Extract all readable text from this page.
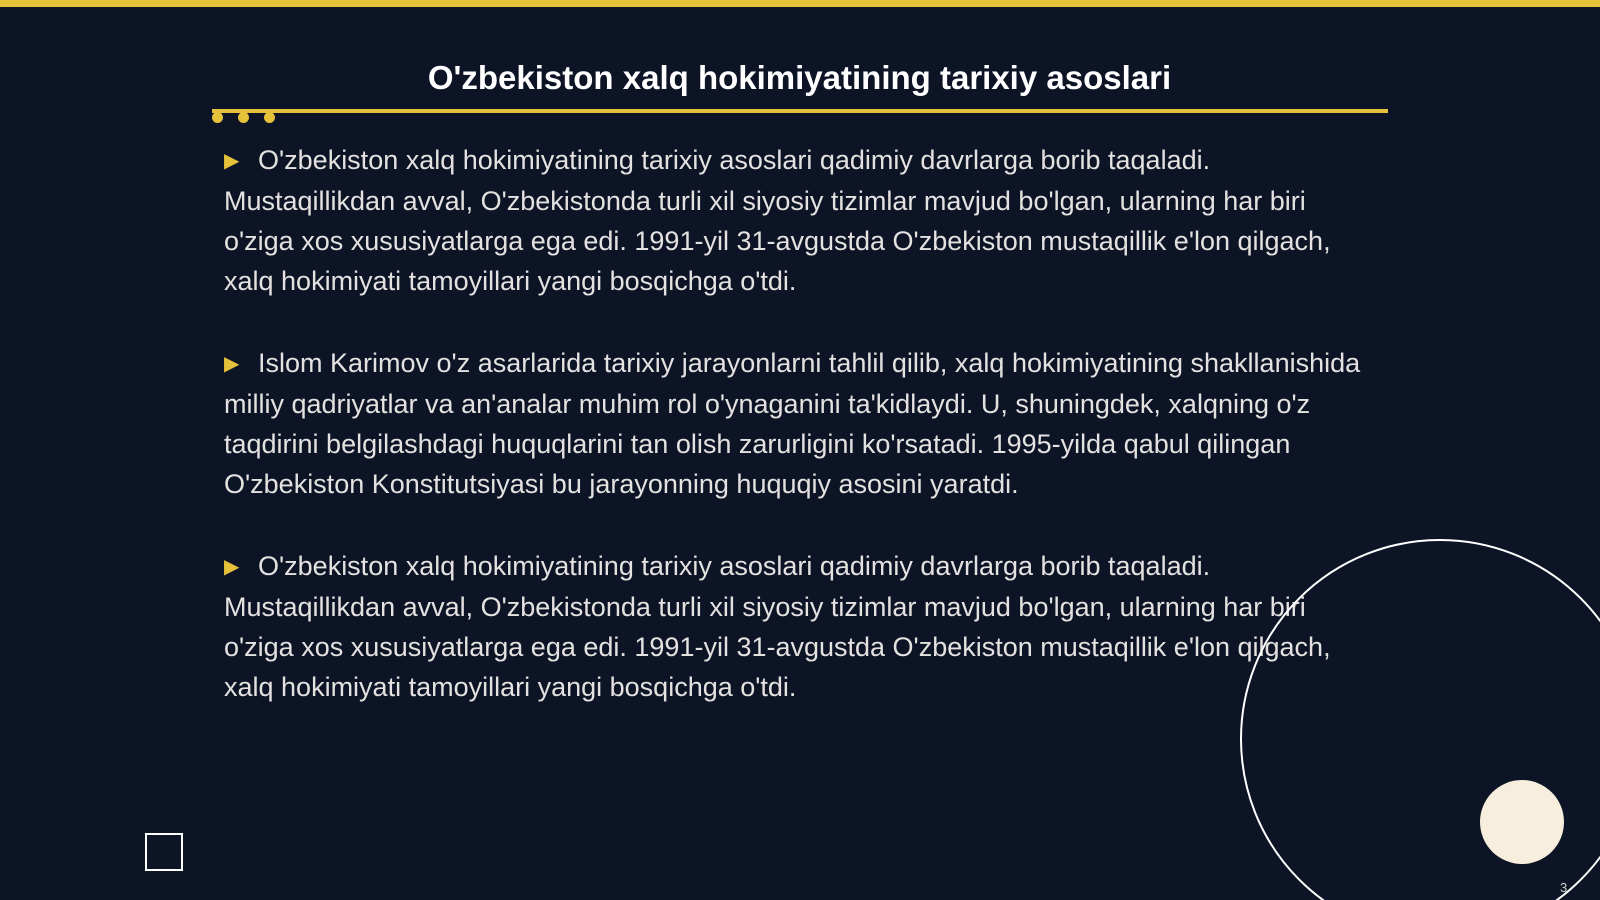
O'zbekiston xalq hokimiyatining tarixiy asoslari

▶ O'zbekiston xalq hokimiyatining tarixiy asoslari qadimiy davrlarga borib taqaladi. Mustaqillikdan avval, O'zbekistonda turli xil siyosiy tizimlar mavjud bo'lgan, ularning har biri o'ziga xos xususiyatlarga ega edi. 1991-yil 31-avgustda O'zbekiston mustaqillik e'lon qilgach, xalq hokimiyati tamoyillari yangi bosqichga o'tdi.

▶ Islom Karimov o'z asarlarida tarixiy jarayonlarni tahlil qilib, xalq hokimiyatining shakllanishida milliy qadriyatlar va an'analar muhim rol o'ynaganini ta'kidlaydi. U, shuningdek, xalqning o'z taqdirini belgilashdagi huquqlarini tan olish zarurligini ko'rsatadi. 1995-yilda qabul qilingan O'zbekiston Konstitutsiyasi bu jarayonning huquqiy asosini yaratdi.

▶ O'zbekiston xalq hokimiyatining tarixiy asoslari qadimiy davrlarga borib taqaladi. Mustaqillikdan avval, O'zbekistonda turli xil siyosiy tizimlar mavjud bo'lgan, ularning har biri o'ziga xos xususiyatlarga ega edi. 1991-yil 31-avgustda O'zbekiston mustaqillik e'lon qilgach, xalq hokimiyati tamoyillari yangi bosqichga o'tdi.

3
